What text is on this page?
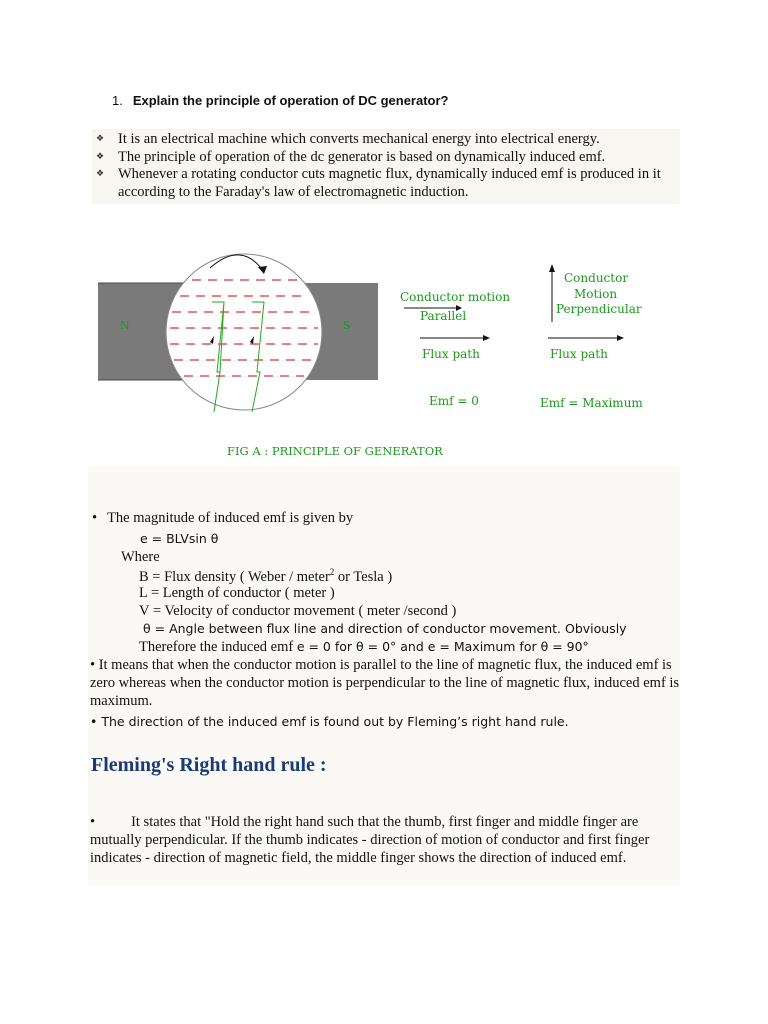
1. Explain the principle of operation of DC generator?
❖ It is an electrical machine which converts mechanical energy into electrical energy.
❖ The principle of operation of the dc generator is based on dynamically induced emf.
❖ Whenever a rotating conductor cuts magnetic flux, dynamically induced emf is produced in it according to the Faraday's law of electromagnetic induction.
N	S
Conductor motion
Parallel
Flux path
Emf = 0
Conductor
Motion
Perpendicular
Flux path
Emf = Maximum
FIG A : PRINCIPLE OF GENERATOR
• The magnitude of induced emf is given by
e = BLVsin θ
Where
B = Flux density ( Weber / meter$^2$ or Tesla )
L = Length of conductor ( meter )
V = Velocity of conductor movement ( meter /second )
θ = Angle between flux line and direction of conductor movement. Obviously
Therefore the induced emf e = 0 for θ = 0° and e = Maximum for θ = 90°
• It means that when the conductor motion is parallel to the line of magnetic flux, the induced emf is zero whereas when the conductor motion is perpendicular to the line of magnetic flux, induced emf is maximum.
• The direction of the induced emf is found out by Fleming’s right hand rule.
Fleming's Right hand rule :
• It states that "Hold the right hand such that the thumb, first finger and middle finger are mutually perpendicular. If the thumb indicates - direction of motion of conductor and first finger indicates - direction of magnetic field, the middle finger shows the direction of induced emf.
